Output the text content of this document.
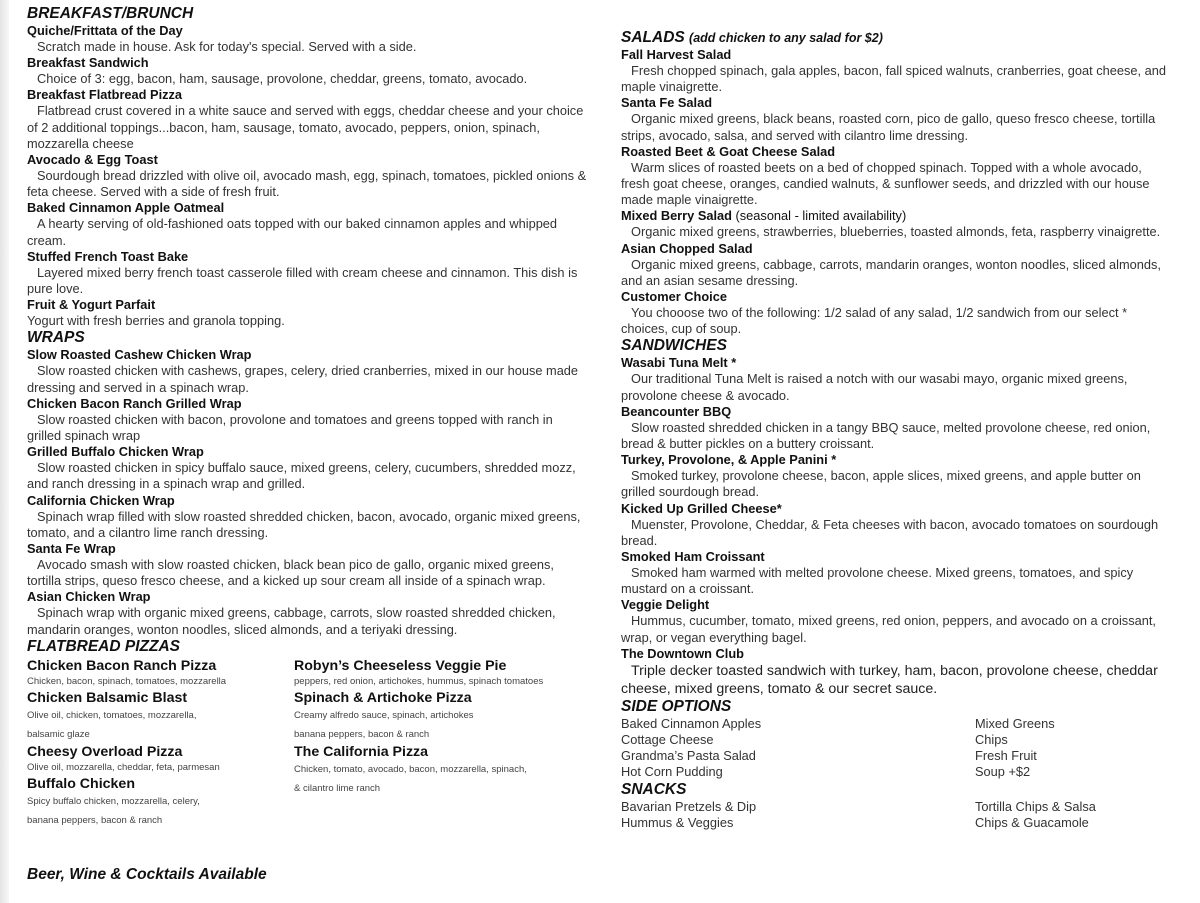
BREAKFAST/BRUNCH
Quiche/Frittata of the Day
Scratch made in house. Ask for today's special. Served with a side.
Breakfast Sandwich
Choice of 3: egg, bacon, ham, sausage, provolone, cheddar, greens, tomato, avocado.
Breakfast Flatbread Pizza
Flatbread crust covered in a white sauce and served with eggs, cheddar cheese and your choice of 2 additional toppings...bacon, ham, sausage, tomato, avocado, peppers, onion, spinach, mozzarella cheese
Avocado & Egg Toast
Sourdough bread drizzled with olive oil, avocado mash, egg, spinach, tomatoes, pickled onions & feta cheese. Served with a side of fresh fruit.
Baked Cinnamon Apple Oatmeal
A hearty serving of old-fashioned oats topped with our baked cinnamon apples and whipped cream.
Stuffed French Toast Bake
Layered mixed berry french toast casserole filled with cream cheese and cinnamon. This dish is pure love.
Fruit & Yogurt Parfait
Yogurt with fresh berries and granola topping.
WRAPS
Slow Roasted Cashew Chicken Wrap
Slow roasted chicken with cashews, grapes, celery, dried cranberries, mixed in our house made dressing and served in a spinach wrap.
Chicken Bacon Ranch Grilled Wrap
Slow roasted chicken with bacon, provolone and tomatoes and greens topped with ranch in grilled spinach wrap
Grilled Buffalo Chicken Wrap
Slow roasted chicken in spicy buffalo sauce, mixed greens, celery, cucumbers, shredded mozz, and ranch dressing in a spinach wrap and grilled.
California Chicken Wrap
Spinach wrap filled with slow roasted shredded chicken, bacon, avocado, organic mixed greens, tomato, and a cilantro lime ranch dressing.
Santa Fe Wrap
Avocado smash with slow roasted chicken, black bean pico de gallo, organic mixed greens, tortilla strips, queso fresco cheese, and a kicked up sour cream all inside of a spinach wrap.
Asian Chicken Wrap
Spinach wrap with organic mixed greens, cabbage, carrots, slow roasted shredded chicken, mandarin oranges, wonton noodles, sliced almonds, and a teriyaki dressing.
FLATBREAD PIZZAS
Chicken Bacon Ranch Pizza
Chicken, bacon, spinach, tomatoes, mozzarella
Chicken Balsamic Blast
Olive oil, chicken, tomatoes, mozzarella,
balsamic glaze
Cheesy Overload Pizza
Olive oil, mozzarella, cheddar, feta, parmesan
Buffalo Chicken
Spicy buffalo chicken, mozzarella, celery,
banana peppers, bacon & ranch
Robyn’s Cheeseless Veggie Pie
peppers, red onion, artichokes, hummus, spinach tomatoes
Spinach & Artichoke Pizza
Creamy alfredo sauce, spinach, artichokes
banana peppers, bacon & ranch
The California Pizza
Chicken, tomato, avocado, bacon, mozzarella, spinach,
& cilantro lime ranch
Beer, Wine & Cocktails Available
SALADS (add chicken to any salad for $2)
Fall Harvest Salad
Fresh chopped spinach, gala apples, bacon, fall spiced walnuts, cranberries, goat cheese, and maple vinaigrette.
Santa Fe Salad
Organic mixed greens, black beans, roasted corn, pico de gallo, queso fresco cheese, tortilla strips, avocado, salsa, and served with cilantro lime dressing.
Roasted Beet & Goat Cheese Salad
Warm slices of roasted beets on a bed of chopped spinach. Topped with a whole avocado, fresh goat cheese, oranges, candied walnuts, & sunflower seeds, and drizzled with our house made maple vinaigrette.
Mixed Berry Salad (seasonal - limited availability)
Organic mixed greens, strawberries, blueberries, toasted almonds, feta, raspberry vinaigrette.
Asian Chopped Salad
Organic mixed greens, cabbage, carrots, mandarin oranges, wonton noodles, sliced almonds, and an asian sesame dressing.
Customer Choice
You chooose two of the following: 1/2 salad of any salad, 1/2 sandwich from our select * choices, cup of soup.
SANDWICHES
Wasabi Tuna Melt *
Our traditional Tuna Melt is raised a notch with our wasabi mayo, organic mixed greens, provolone cheese & avocado.
Beancounter BBQ
Slow roasted shredded chicken in a tangy BBQ sauce, melted provolone cheese, red onion, bread & butter pickles on a buttery croissant.
Turkey, Provolone, & Apple Panini *
Smoked turkey, provolone cheese, bacon, apple slices, mixed greens, and apple butter on grilled sourdough bread.
Kicked Up Grilled Cheese*
Muenster, Provolone, Cheddar, & Feta cheeses with bacon, avocado tomatoes on sourdough bread.
Smoked Ham Croissant
Smoked ham warmed with melted provolone cheese. Mixed greens, tomatoes, and spicy mustard on a croissant.
Veggie Delight
Hummus, cucumber, tomato, mixed greens, red onion, peppers, and avocado on a croissant, wrap, or vegan everything bagel.
The Downtown Club
Triple decker toasted sandwich with turkey, ham, bacon, provolone cheese, cheddar cheese, mixed greens, tomato & our secret sauce.
SIDE OPTIONS
Baked Cinnamon Apples
Cottage Cheese
Grandma’s Pasta Salad
Hot Corn Pudding
Mixed Greens
Chips
Fresh Fruit
Soup +$2
SNACKS
Bavarian Pretzels & Dip
Hummus & Veggies
Tortilla Chips & Salsa
Chips & Guacamole
